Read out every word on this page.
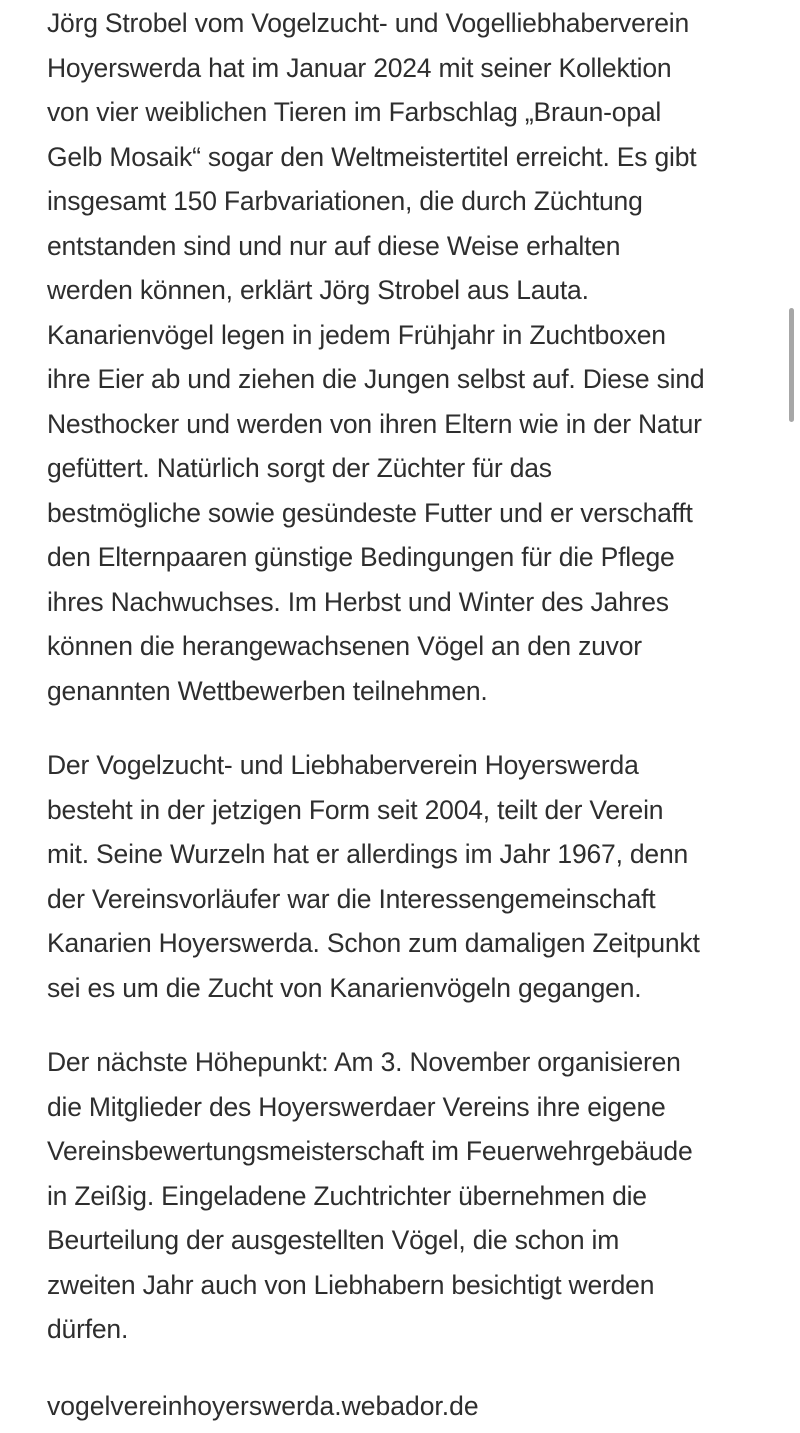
Jörg Strobel vom Vogelzucht- und Vogelliebhaberverein
Hoyerswerda hat im Januar 2024 mit seiner Kollektion
von vier weiblichen Tieren im Farbschlag „Braun-opal
Gelb Mosaik“ sogar den Weltmeistertitel erreicht. Es gibt
insgesamt 150 Farbvariationen, die durch Züchtung
entstanden sind und nur auf diese Weise erhalten
werden können, erklärt Jörg Strobel aus Lauta.
Kanarienvögel legen in jedem Frühjahr in Zuchtboxen
ihre Eier ab und ziehen die Jungen selbst auf. Diese sind
Nesthocker und werden von ihren Eltern wie in der Natur
gefüttert. Natürlich sorgt der Züchter für das
bestmögliche sowie gesündeste Futter und er verschafft
den Elternpaaren günstige Bedingungen für die Pflege
ihres Nachwuchses. Im Herbst und Winter des Jahres
können die herangewachsenen Vögel an den zuvor
genannten Wettbewerben teilnehmen.

Der Vogelzucht- und Liebhaberverein Hoyerswerda
besteht in der jetzigen Form seit 2004, teilt der Verein
mit. Seine Wurzeln hat er allerdings im Jahr 1967, denn
der Vereinsvorläufer war die Interessengemeinschaft
Kanarien Hoyerswerda. Schon zum damaligen Zeitpunkt
sei es um die Zucht von Kanarienvögeln gegangen.

Der nächste Höhepunkt: Am 3. November organisieren
die Mitglieder des Hoyerswerdaer Vereins ihre eigene
Vereinsbewertungsmeisterschaft im Feuerwehrgebäude
in Zeißig. Eingeladene Zuchtrichter übernehmen die
Beurteilung der ausgestellten Vögel, die schon im
zweiten Jahr auch von Liebhabern besichtigt werden
dürfen.

vogelvereinhoyerswerda.webador.de
